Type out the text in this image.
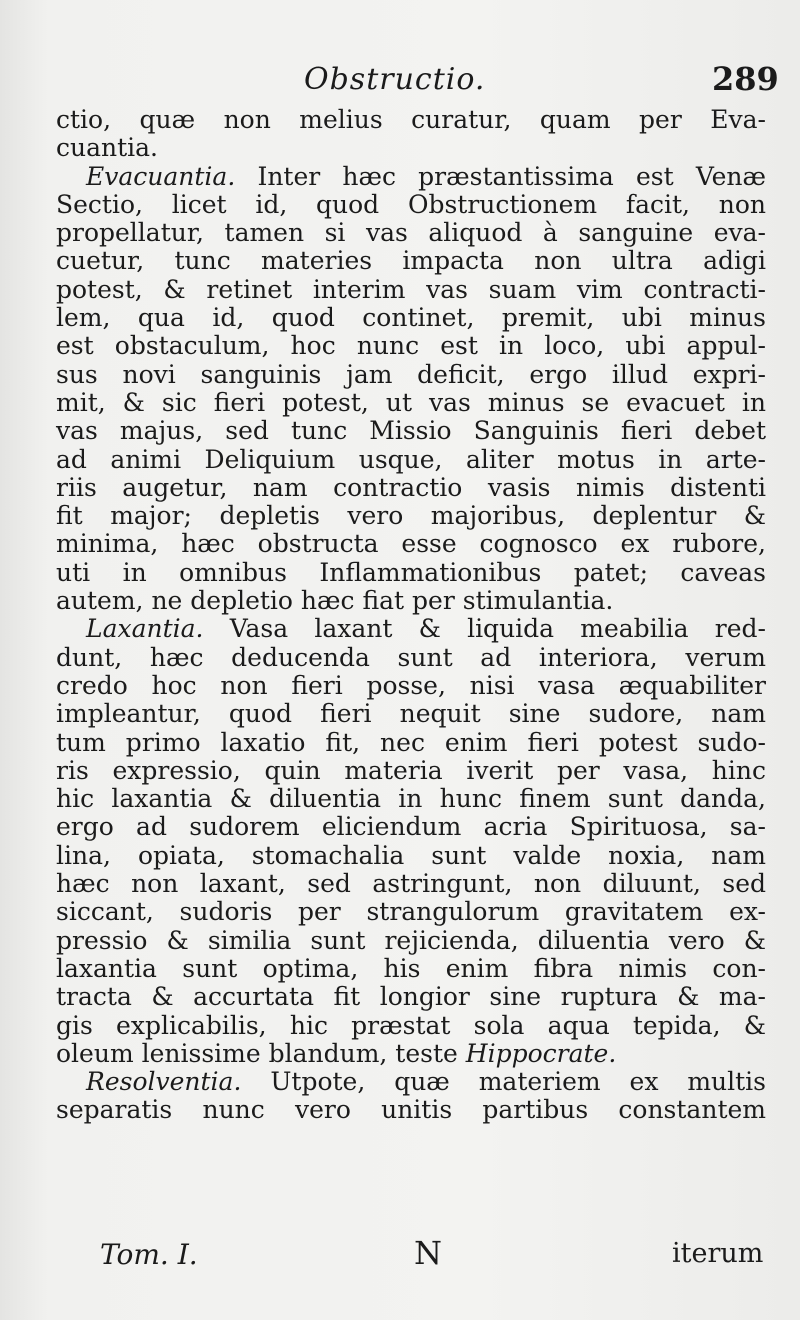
Obstructio.	289
ctio, quæ non melius curatur, quam per Eva-
cuantia.
Evacuantia. Inter hæc præstantissima est Venæ
Sectio, licet id, quod Obstructionem facit, non
propellatur, tamen si vas aliquod à sanguine eva-
cuetur, tunc materies impacta non ultra adigi
potest, & retinet interim vas suam vim contracti-
lem, qua id, quod continet, premit, ubi minus
est obstaculum, hoc nunc est in loco, ubi appul-
sus novi sanguinis jam deficit, ergo illud expri-
mit, & sic fieri potest, ut vas minus se evacuet in
vas majus, sed tunc Missio Sanguinis fieri debet
ad animi Deliquium usque, aliter motus in arte-
riis augetur, nam contractio vasis nimis distenti
fit major; depletis vero majoribus, deplentur &
minima, hæc obstructa esse cognosco ex rubore,
uti in omnibus Inflammationibus patet; caveas
autem, ne depletio hæc fiat per stimulantia.
Laxantia. Vasa laxant & liquida meabilia red-
dunt, hæc deducenda sunt ad interiora, verum
credo hoc non fieri posse, nisi vasa æquabiliter
impleantur, quod fieri nequit sine sudore, nam
tum primo laxatio fit, nec enim fieri potest sudo-
ris expressio, quin materia iverit per vasa, hinc
hic laxantia & diluentia in hunc finem sunt danda,
ergo ad sudorem eliciendum acria Spirituosa, sa-
lina, opiata, stomachalia sunt valde noxia, nam
hæc non laxant, sed astringunt, non diluunt, sed
siccant, sudoris per strangulorum gravitatem ex-
pressio & similia sunt rejicienda, diluentia vero &
laxantia sunt optima, his enim fibra nimis con-
tracta & accurtata fit longior sine ruptura & ma-
gis explicabilis, hic præstat sola aqua tepida, &
oleum lenissime blandum, teste Hippocrate.
Resolventia. Utpote, quæ materiem ex multis
separatis nunc vero unitis partibus constantem
Tom. I.	N	iterum
